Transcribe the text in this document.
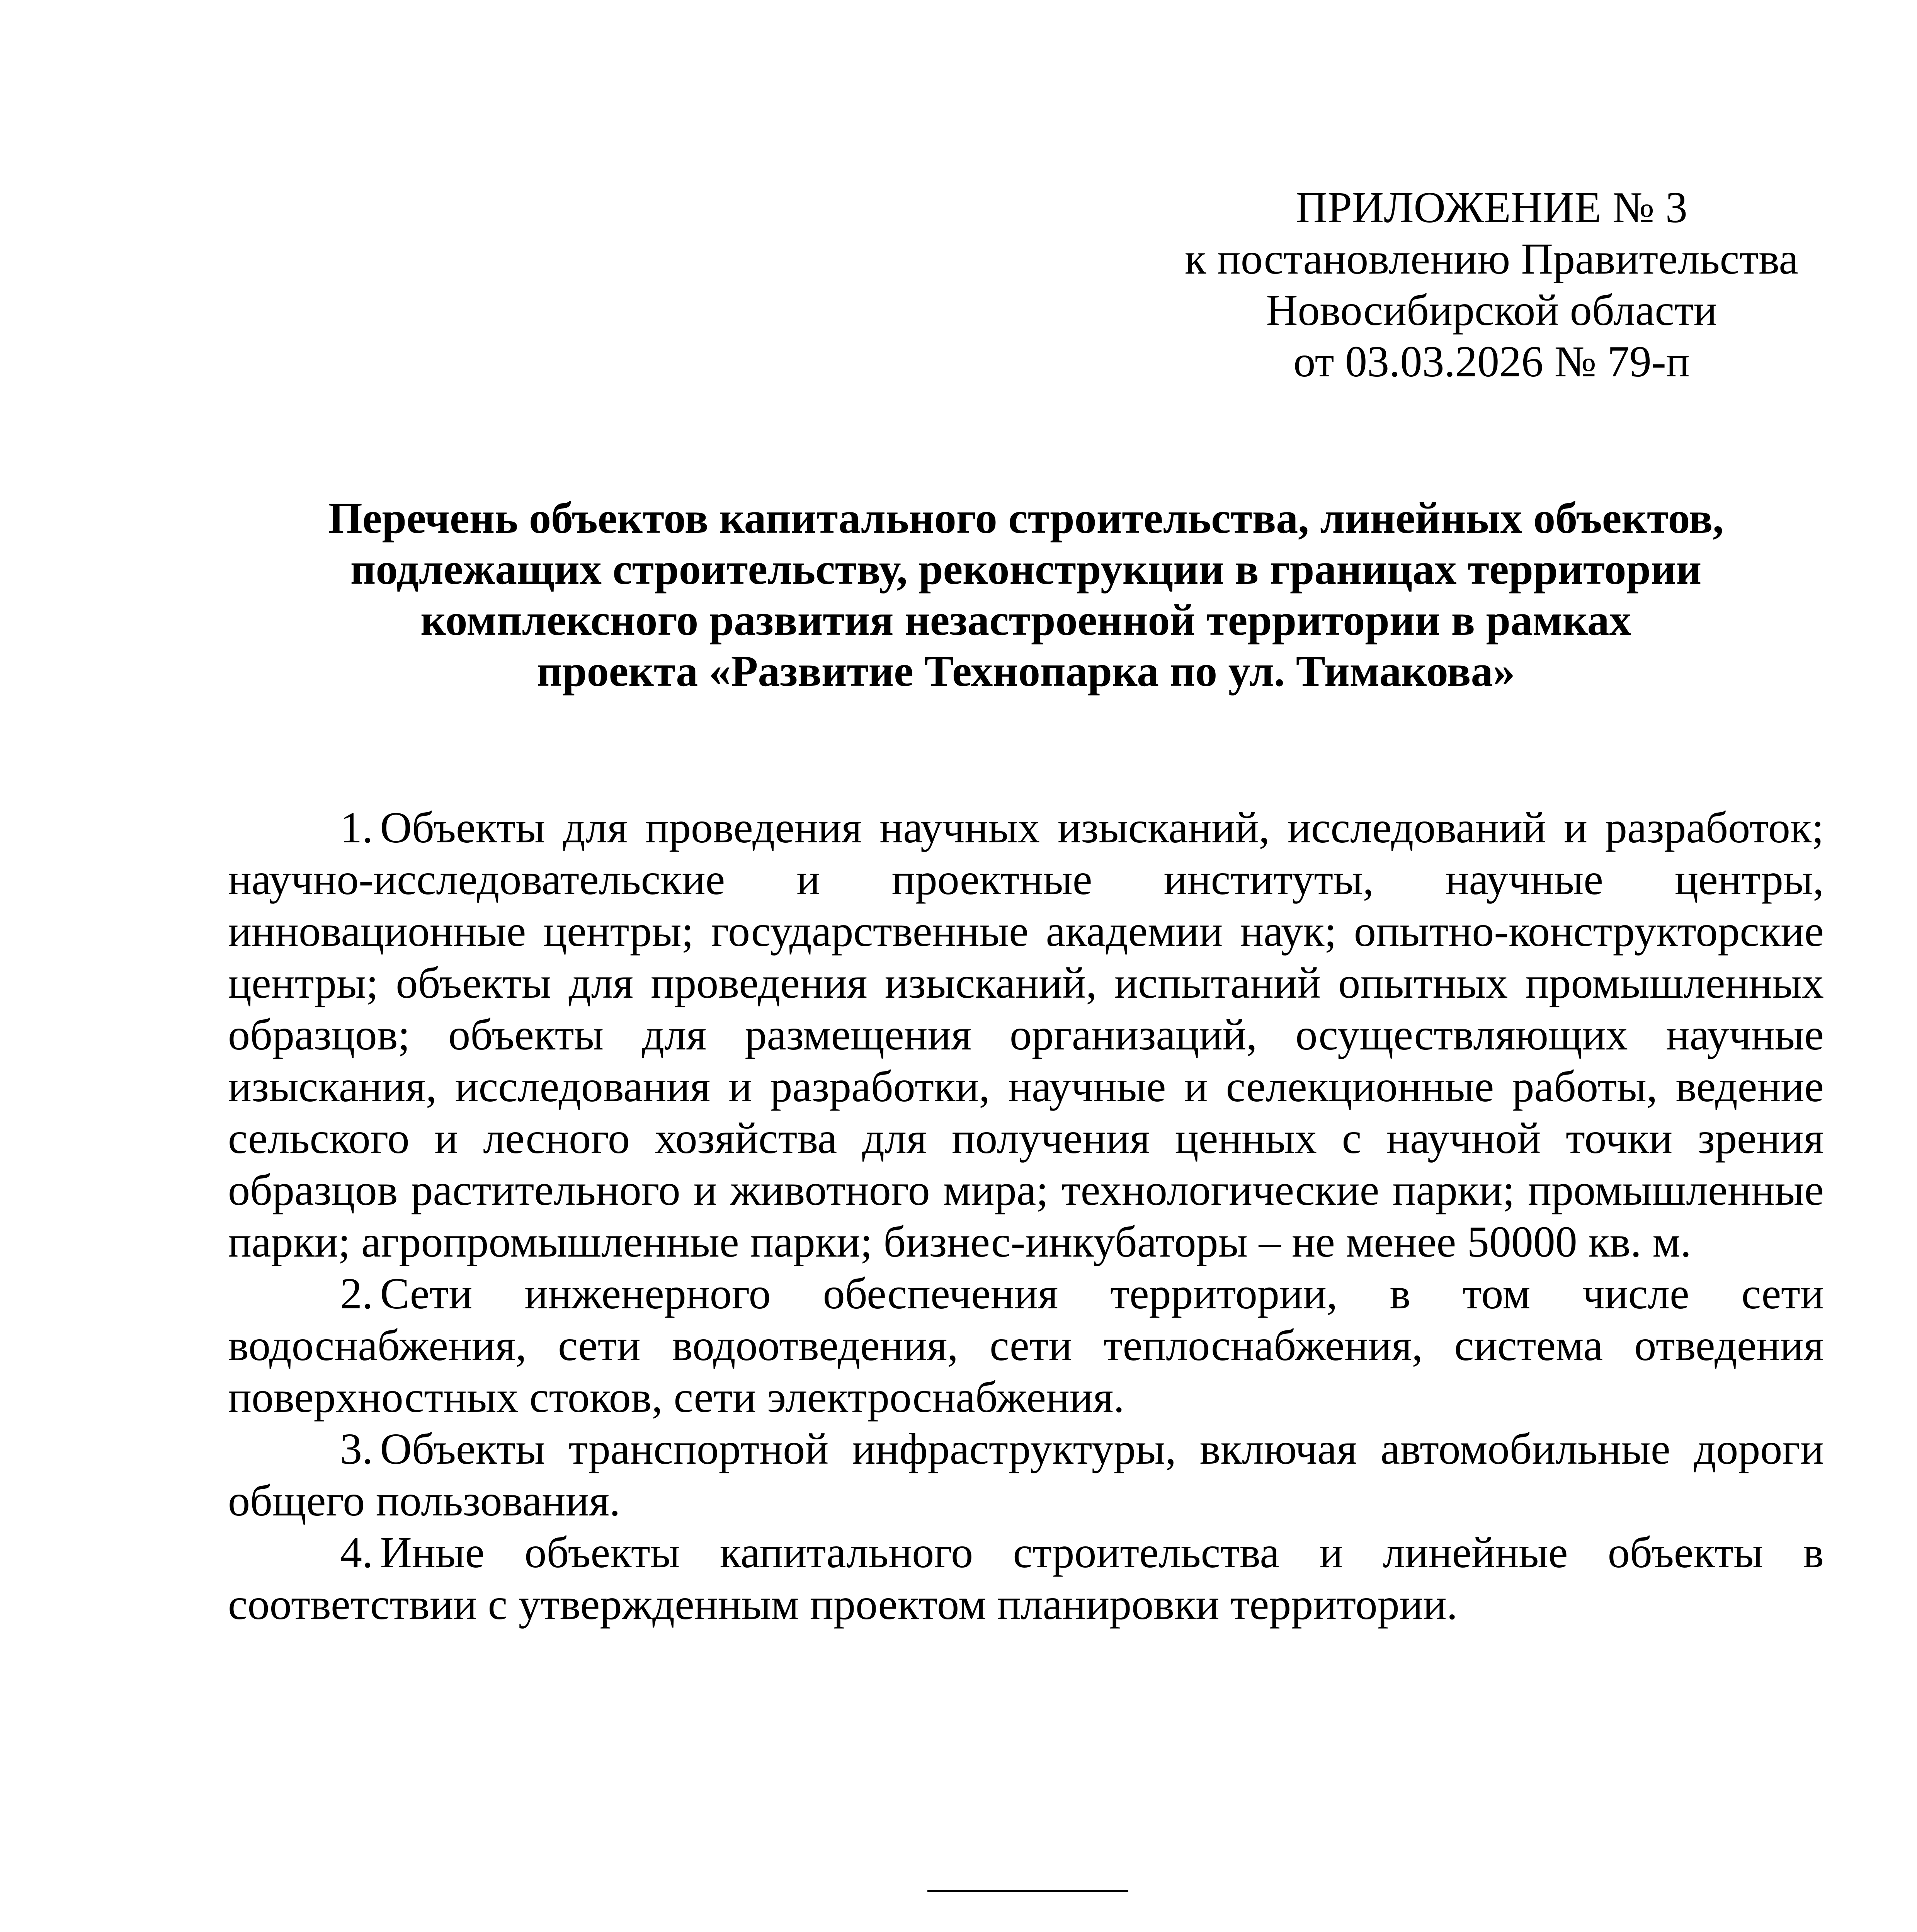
ПРИЛОЖЕНИЕ № 3
к постановлению Правительства
Новосибирской области
от 03.03.2026 № 79-п
Перечень объектов капитального строительства, линейных объектов,
подлежащих строительству, реконструкции в границах территории
комплексного развития незастроенной территории в рамках
проекта «Развитие Технопарка по ул. Тимакова»

1. Объекты для проведения научных изысканий, исследований и разработок; научно-исследовательские и проектные институты, научные центры, инновационные центры; государственные академии наук; опытно-конструкторские центры; объекты для проведения изысканий, испытаний опытных промышленных образцов; объекты для размещения организаций, осуществляющих научные изыскания, исследования и разработки, научные и селекционные работы, ведение сельского и лесного хозяйства для получения ценных с научной точки зрения образцов растительного и животного мира; технологические парки; промышленные парки; агропромышленные парки; бизнес-инкубаторы – не менее 50000 кв. м.

2. Сети инженерного обеспечения территории, в том числе сети водоснабжения, сети водоотведения, сети теплоснабжения, система отведения поверхностных стоков, сети электроснабжения.

3. Объекты транспортной инфраструктуры, включая автомобильные дороги общего пользования.

4. Иные объекты капитального строительства и линейные объекты в соответствии с утвержденным проектом планировки территории.
